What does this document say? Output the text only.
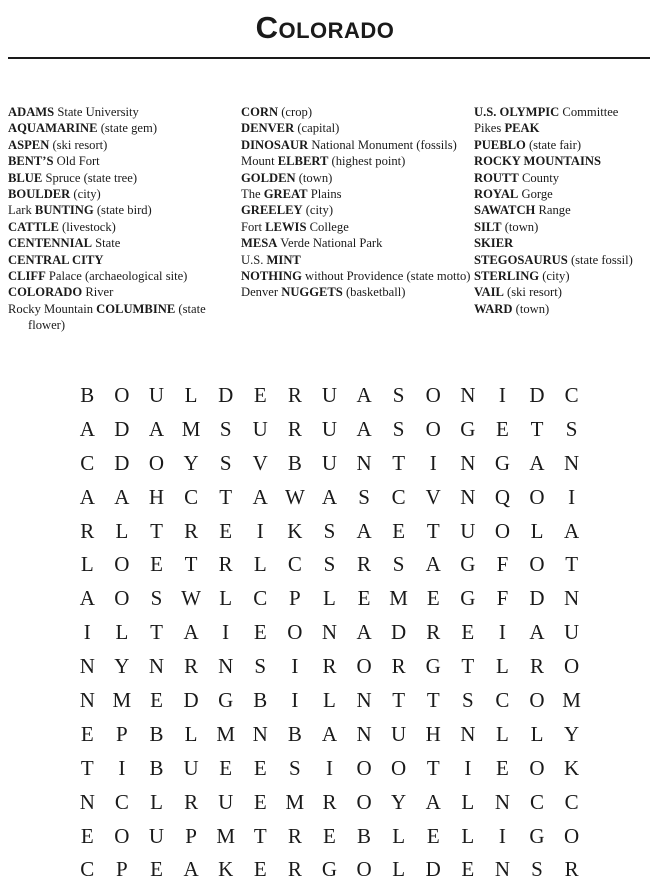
Colorado
ADAMS State University
AQUAMARINE (state gem)
ASPEN (ski resort)
BENT’S Old Fort
BLUE Spruce (state tree)
BOULDER (city)
Lark BUNTING (state bird)
CATTLE (livestock)
CENTENNIAL State
CENTRAL CITY
CLIFF Palace (archaeological site)
COLORADO River
Rocky Mountain COLUMBINE (state flower)
CORN (crop)
DENVER (capital)
DINOSAUR National Monument (fossils)
Mount ELBERT (highest point)
GOLDEN (town)
The GREAT Plains
GREELEY (city)
Fort LEWIS College
MESA Verde National Park
U.S. MINT
NOTHING without Providence (state motto)
Denver NUGGETS (basketball)
U.S. OLYMPIC Committee
Pikes PEAK
PUEBLO (state fair)
ROCKY MOUNTAINS
ROUTT County
ROYAL Gorge
SAWATCH Range
SILT (town)
SKIER
STEGOSAURUS (state fossil)
STERLING (city)
VAIL (ski resort)
WARD (town)
B O U L D E	R U A	S	O N	I	D C
A D A M S	U R U A	S	O G E	T	S
C D O Y	S	V B U N T	I	N G A N
A A H C	T A W A	S	C V N Q O	I
R	L	T	R	E	I	K	S	A E	T U O L A
L O E	T	R	L	C	S	R	S	A G	F	O T
A O	S W L	C	P	L	E M E G	F	D N
I	L	T A	I	E O N A D R	E	I	A U
N Y N R N	S	I	R O R G T	L	R O
N M E D G B	I	L N T	T	S	C O M
E	P	B	L M N B A N U H N L	L Y
T	I	B U E	E	S	I	O O T	I	E O K
N C	L	R U E M R O Y A L N C C
E O U	P M T	R	E	B	L	E	L	I	G O
C	P	E A K E	R G O L D E N	S	R
